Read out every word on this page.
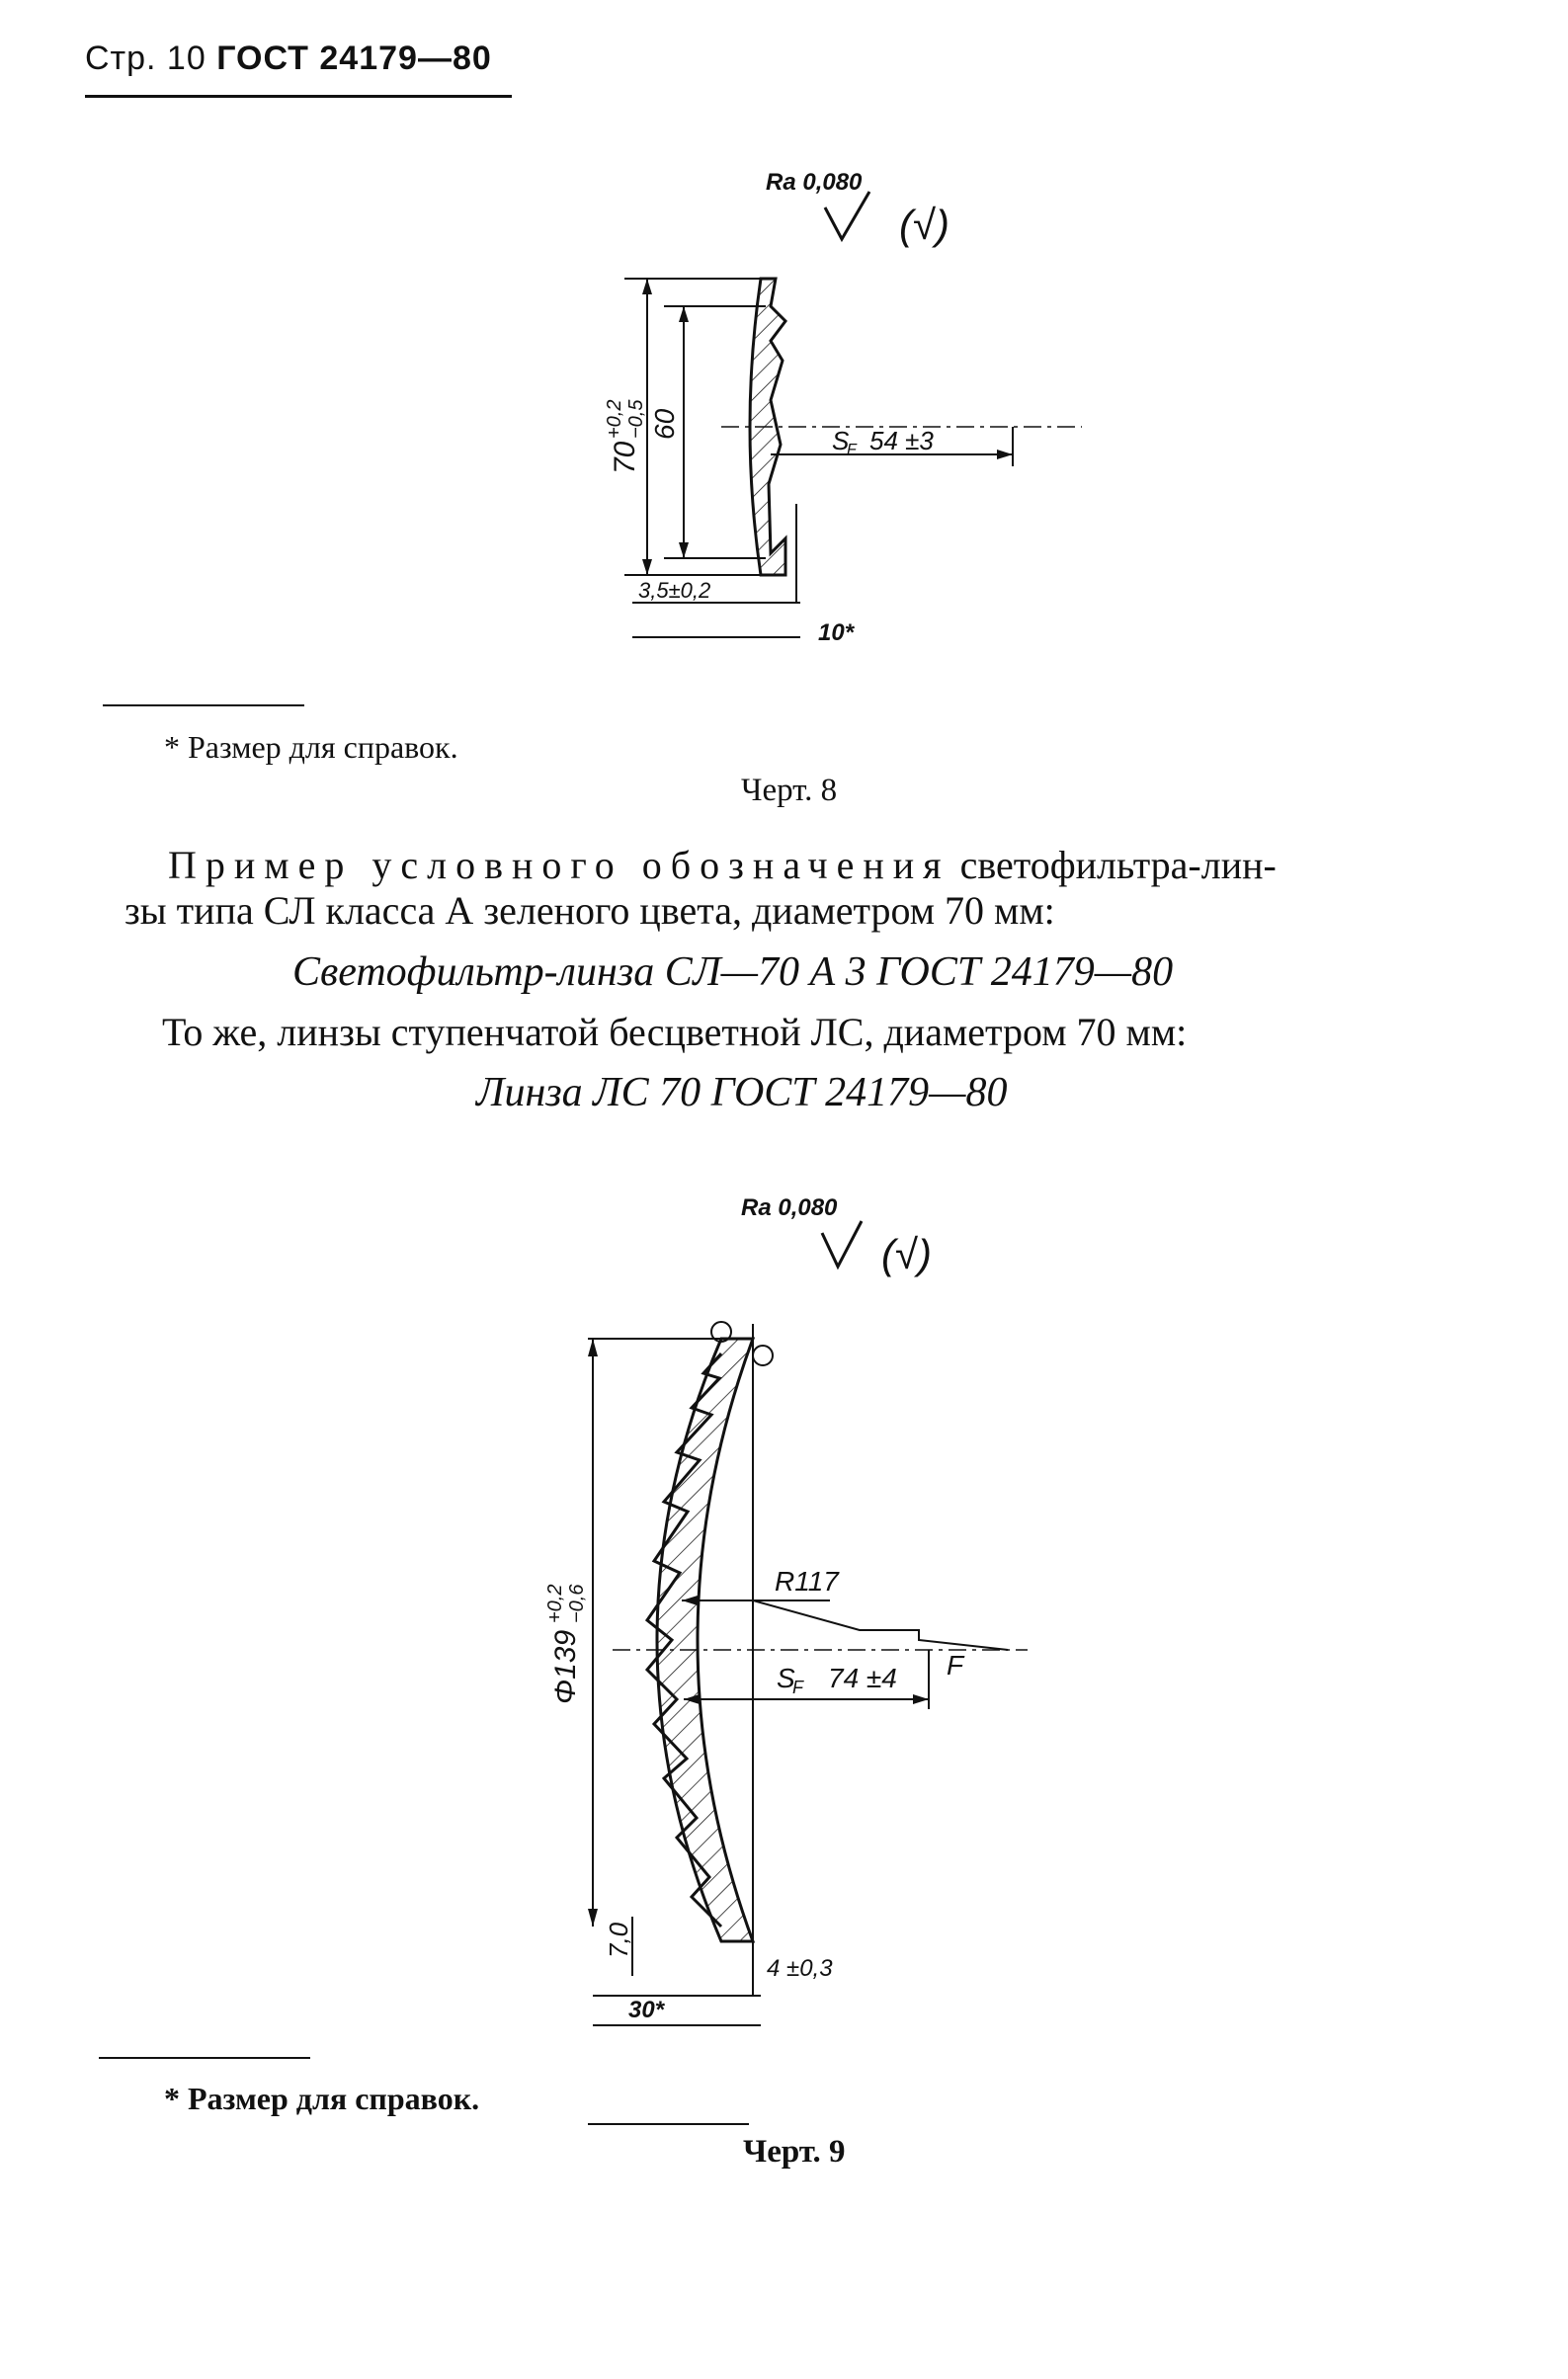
Стр. 10 ГОСТ 24179—80
Ra 0,080
(√)
70
+0,2 −0,5 60
S
F 54 ±3
3,5±0,2
10*
* Размер для справок.
Черт. 8
Пример условного обозначения светофильтра-лин-
зы типа СЛ класса А зеленого цвета, диаметром 70 мм:
Светофильтр-линза СЛ—70 А 3 ГОСТ 24179—80
То же, линзы ступенчатой бесцветной ЛС, диаметром 70 мм:
Линза ЛС 70 ГОСТ 24179—80
Ra 0,080
(√)
Φ139
+0,2 −0,6
R117
S
F 74 ±4 F
7,0
4 ±0,3
30*
* Размер для справок.
Черт. 9
